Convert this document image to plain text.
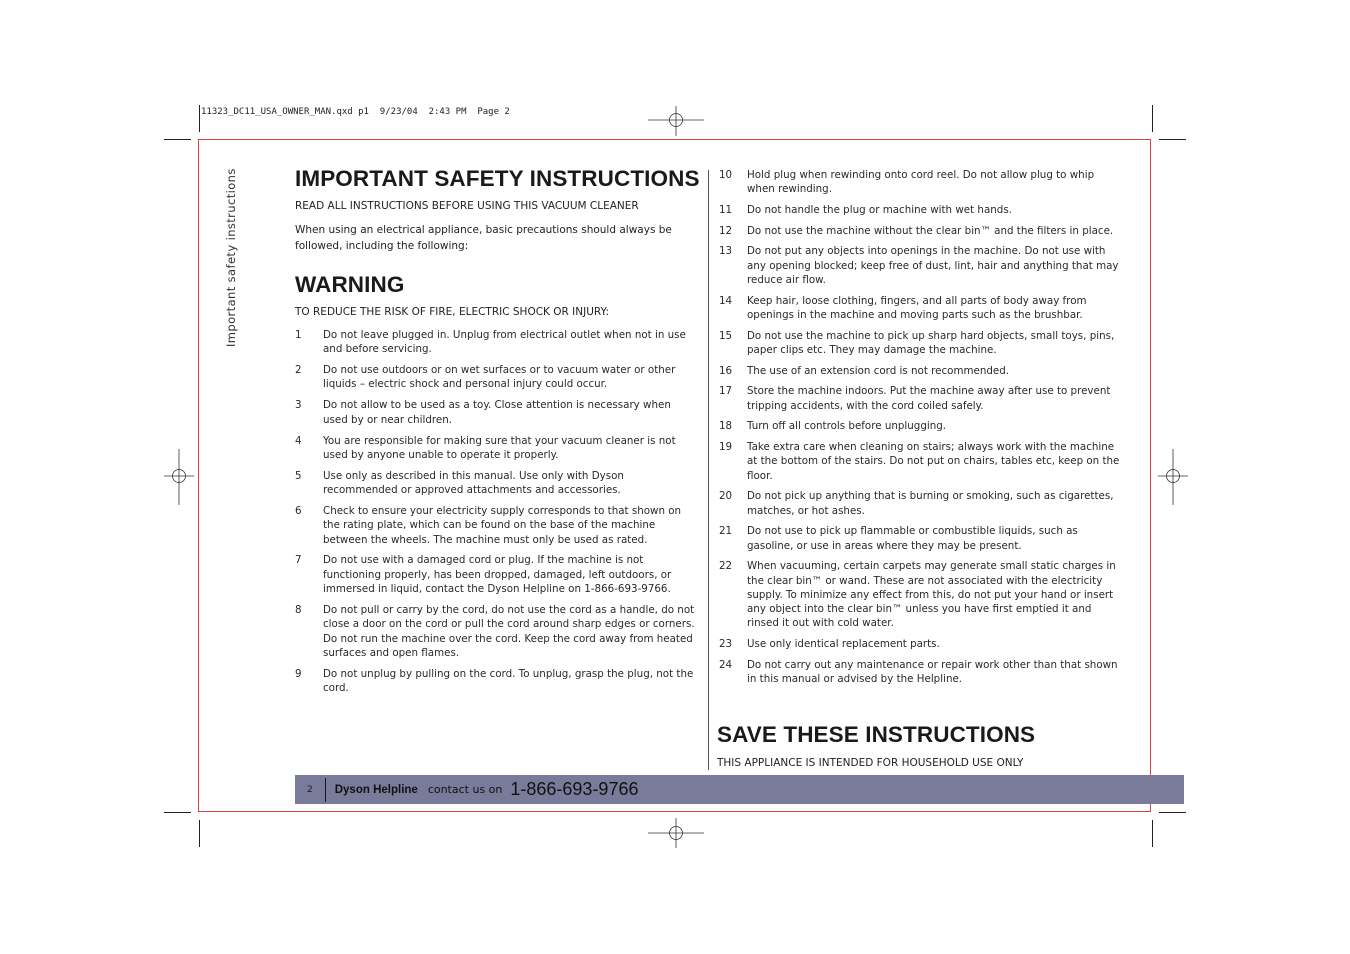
11323_DC11_USA_OWNER_MAN.qxd p1  9/23/04  2:43 PM  Page 2
Important safety instructions	IMPORTANT SAFETY INSTRUCTIONS

READ ALL INSTRUCTIONS BEFORE USING THIS VACUUM CLEANER

When using an electrical appliance, basic precautions should always be followed, including the following:

WARNING

TO REDUCE THE RISK OF FIRE, ELECTRIC SHOCK OR INJURY:

1	Do not leave plugged in. Unplug from electrical outlet when not in use and before servicing.
2	Do not use outdoors or on wet surfaces or to vacuum water or other liquids – electric shock and personal injury could occur.
3	Do not allow to be used as a toy. Close attention is necessary when used by or near children.
4	You are responsible for making sure that your vacuum cleaner is not used by anyone unable to operate it properly.
5	Use only as described in this manual. Use only with Dyson recommended or approved attachments and accessories.
6	Check to ensure your electricity supply corresponds to that shown on the rating plate, which can be found on the base of the machine between the wheels. The machine must only be used as rated.
7	Do not use with a damaged cord or plug. If the machine is not functioning properly, has been dropped, damaged, left outdoors, or immersed in liquid, contact the Dyson Helpline on 1-866-693-9766.
8	Do not pull or carry by the cord, do not use the cord as a handle, do not close a door on the cord or pull the cord around sharp edges or corners. Do not run the machine over the cord. Keep the cord away from heated surfaces and open flames.
9	Do not unplug by pulling on the cord. To unplug, grasp the plug, not the cord.
10	Hold plug when rewinding onto cord reel. Do not allow plug to whip when rewinding.
11	Do not handle the plug or machine with wet hands.
12	Do not use the machine without the clear bin™ and the filters in place.
13	Do not put any objects into openings in the machine. Do not use with any opening blocked; keep free of dust, lint, hair and anything that may reduce air flow.
14	Keep hair, loose clothing, fingers, and all parts of body away from openings in the machine and moving parts such as the brushbar.
15	Do not use the machine to pick up sharp hard objects, small toys, pins, paper clips etc. They may damage the machine.
16	The use of an extension cord is not recommended.
17	Store the machine indoors. Put the machine away after use to prevent tripping accidents, with the cord coiled safely.
18	Turn off all controls before unplugging.
19	Take extra care when cleaning on stairs; always work with the machine at the bottom of the stairs. Do not put on chairs, tables etc, keep on the floor.
20	Do not pick up anything that is burning or smoking, such as cigarettes, matches, or hot ashes.
21	Do not use to pick up flammable or combustible liquids, such as gasoline, or use in areas where they may be present.
22	When vacuuming, certain carpets may generate small static charges in the clear bin™ or wand. These are not associated with the electricity supply. To minimize any effect from this, do not put your hand or insert any object into the clear bin™ unless you have first emptied it and rinsed it out with cold water.
23	Use only identical replacement parts.
24	Do not carry out any maintenance or repair work other than that shown in this manual or advised by the Helpline.
SAVE THESE INSTRUCTIONS

THIS APPLIANCE IS INTENDED FOR HOUSEHOLD USE ONLY

2 Dyson Helpline contact us on 1-866-693-9766
